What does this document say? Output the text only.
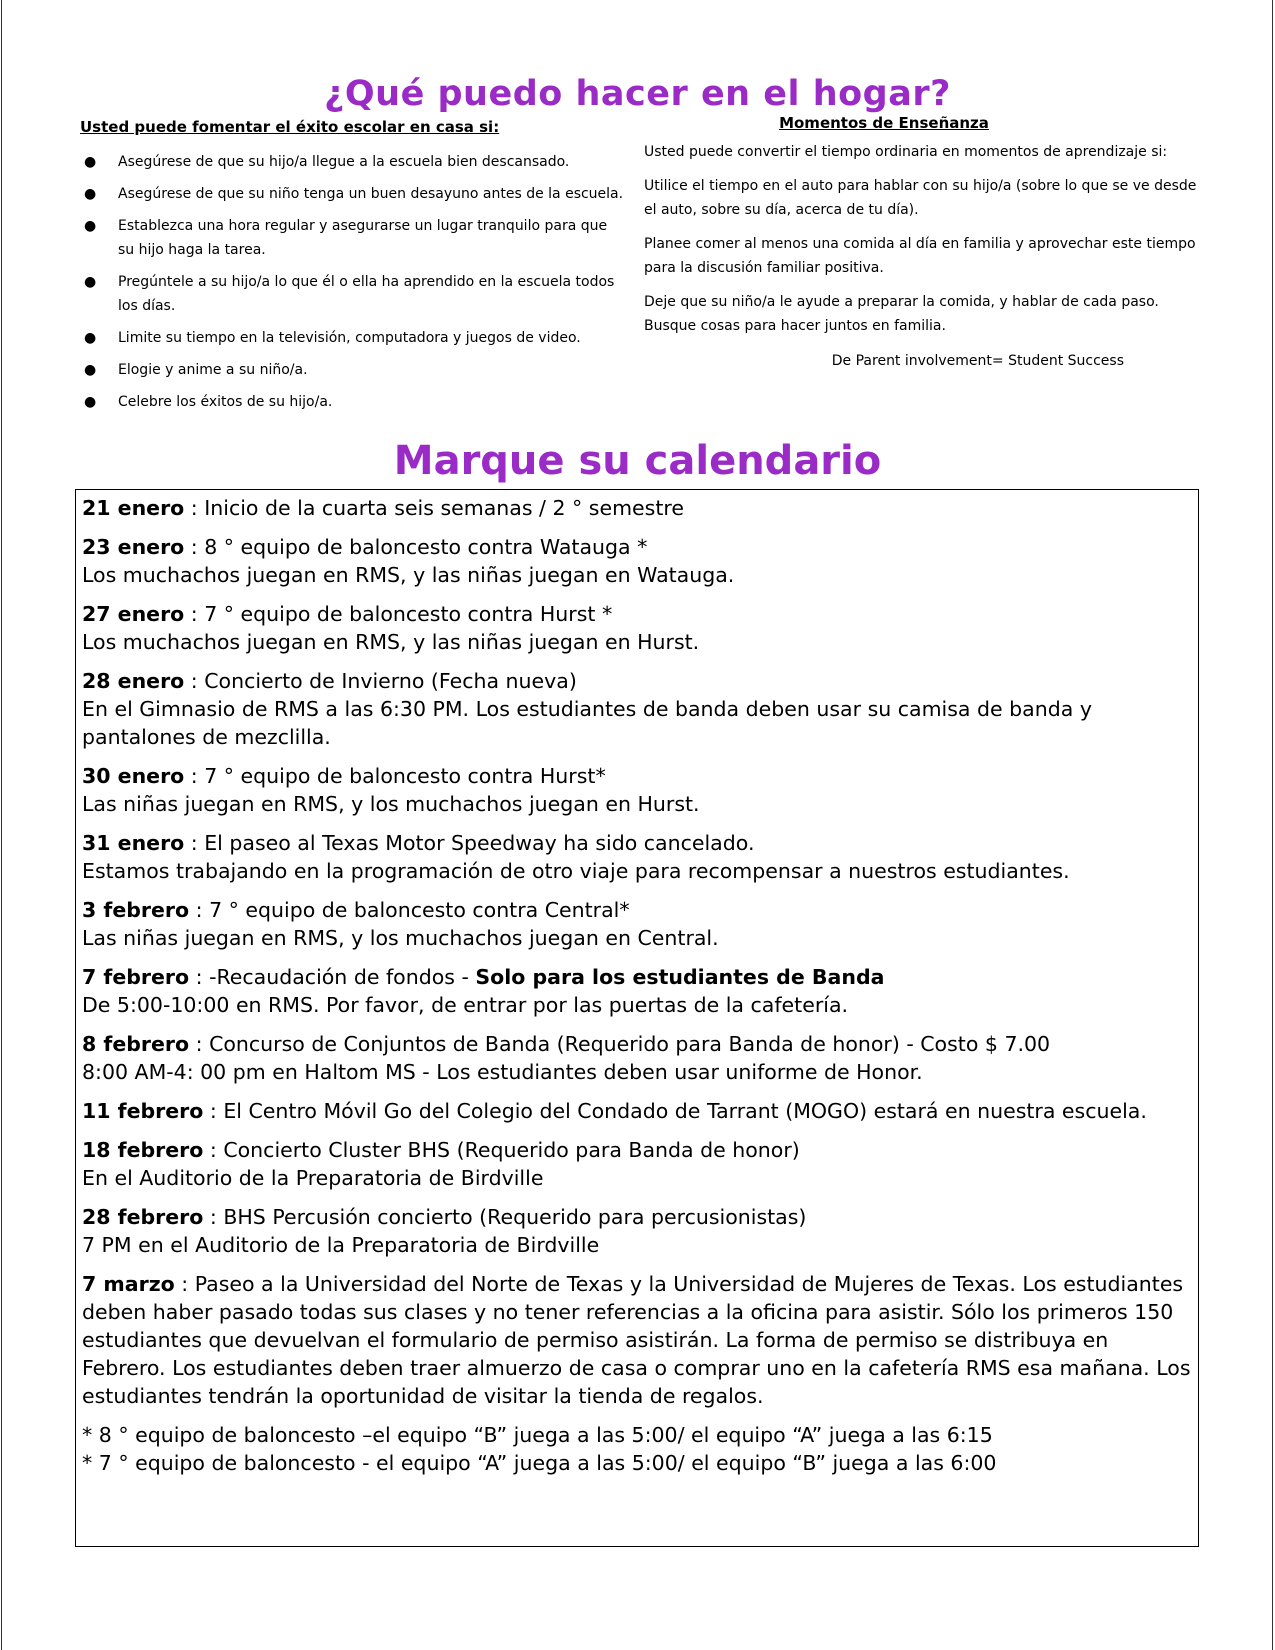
¿Qué puedo hacer en el hogar?
Usted puede fomentar el éxito escolar en casa si:
● Asegúrese de que su hijo/a llegue a la escuela bien descansado.
● Asegúrese de que su niño tenga un buen desayuno antes de la escuela.
● Establezca una hora regular y asegurarse un lugar tranquilo para que su hijo haga la tarea.
● Pregúntele a su hijo/a lo que él o ella ha aprendido en la escuela todos los días.
● Limite su tiempo en la televisión, computadora y juegos de video.
● Elogie y anime a su niño/a.
● Celebre los éxitos de su hijo/a.
Momentos de Enseñanza

Usted puede convertir el tiempo ordinaria en momentos de aprendizaje si:

Utilice el tiempo en el auto para hablar con su hijo/a (sobre lo que se ve desde el auto, sobre su día, acerca de tu día).

Planee comer al menos una comida al día en familia y aprovechar este tiempo para la discusión familiar positiva.

Deje que su niño/a le ayude a preparar la comida, y hablar de cada paso. Busque cosas para hacer juntos en familia.

De Parent involvement= Student Success

Marque su calendario
21 enero : Inicio de la cuarta seis semanas / 2 ° semestre
23 enero : 8 ° equipo de baloncesto contra Watauga *
Los muchachos juegan en RMS, y las niñas juegan en Watauga.
27 enero : 7 ° equipo de baloncesto contra Hurst *
Los muchachos juegan en RMS, y las niñas juegan en Hurst.
28 enero : Concierto de Invierno (Fecha nueva)
En el Gimnasio de RMS a las 6:30 PM. Los estudiantes de banda deben usar su camisa de banda y pantalones de mezclilla.
30 enero : 7 ° equipo de baloncesto contra Hurst*
Las niñas juegan en RMS, y los muchachos juegan en Hurst.
31 enero : El paseo al Texas Motor Speedway ha sido cancelado.
Estamos trabajando en la programación de otro viaje para recompensar a nuestros estudiantes.
3 febrero : 7 ° equipo de baloncesto contra Central*
Las niñas juegan en RMS, y los muchachos juegan en Central.
7 febrero : -Recaudación de fondos - Solo para los estudiantes de Banda
De 5:00-10:00 en RMS. Por favor, de entrar por las puertas de la cafetería.
8 febrero : Concurso de Conjuntos de Banda (Requerido para Banda de honor) - Costo $ 7.00
8:00 AM-4: 00 pm en Haltom MS - Los estudiantes deben usar uniforme de Honor.
11 febrero : El Centro Móvil Go del Colegio del Condado de Tarrant (MOGO) estará en nuestra escuela.
18 febrero : Concierto Cluster BHS (Requerido para Banda de honor)
En el Auditorio de la Preparatoria de Birdville
28 febrero : BHS Percusión concierto (Requerido para percusionistas)
7 PM en el Auditorio de la Preparatoria de Birdville
7 marzo : Paseo a la Universidad del Norte de Texas y la Universidad de Mujeres de Texas. Los estudiantes deben haber pasado todas sus clases y no tener referencias a la oficina para asistir. Sólo los primeros 150 estudiantes que devuelvan el formulario de permiso asistirán. La forma de permiso se distribuya en Febrero. Los estudiantes deben traer almuerzo de casa o comprar uno en la cafetería RMS esa mañana. Los estudiantes tendrán la oportunidad de visitar la tienda de regalos.
* 8 ° equipo de baloncesto –el equipo “B” juega a las 5:00/ el equipo “A” juega a las 6:15
* 7 ° equipo de baloncesto - el equipo “A” juega a las 5:00/ el equipo “B” juega a las 6:00
